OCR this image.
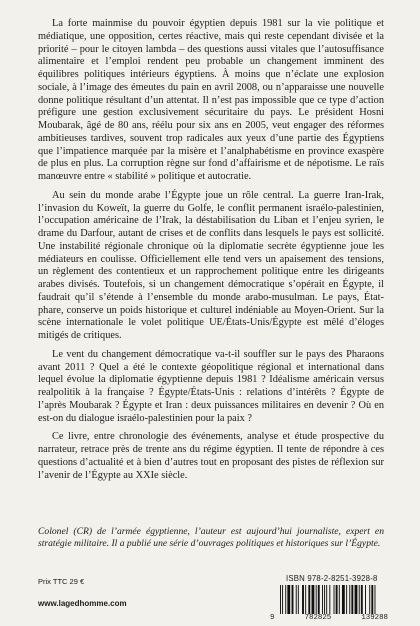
La forte mainmise du pouvoir égyptien depuis 1981 sur la vie politique et médiatique, une opposition, certes réactive, mais qui reste cependant divisée et la priorité – pour le citoyen lambda – des questions aussi vitales que l’autosuffisance alimentaire et l’emploi rendent peu probable un changement imminent des équilibres politiques intérieurs égyptiens. À moins que n’éclate une explosion sociale, à l’image des émeutes du pain en avril 2008, ou n’apparaisse une nouvelle donne politique résultant d’un attentat. Il n’est pas impossible que ce type d’action préfigure une gestion exclusivement sécuritaire du pays. Le président Hosni Moubarak, âgé de 80 ans, réélu pour six ans en 2005, veut engager des réformes ambitieuses tardives, souvent trop radicales aux yeux d’une partie des Égyptiens que l’impatience marquée par la misère et l’analphabétisme en province exaspère de plus en plus. La corruption règne sur fond d’affairisme et de népotisme. Le raïs manœuvre entre « stabilité » politique et autocratie.

Au sein du monde arabe l’Égypte joue un rôle central. La guerre Iran-Irak, l’invasion du Koweït, la guerre du Golfe, le conflit permanent israélo-palestinien, l’occupation américaine de l’Irak, la déstabilisation du Liban et l’enjeu syrien, le drame du Darfour, autant de crises et de conflits dans lesquels le pays est sollicité. Une instabilité régionale chronique où la diplomatie secrète égyptienne joue les médiateurs en coulisse. Officiellement elle tend vers un apaisement des tensions, un règlement des contentieux et un rapprochement politique entre les dirigeants arabes divisés. Toutefois, si un changement démocratique s’opérait en Égypte, il faudrait qu’il s’étende à l’ensemble du monde arabo-musulman. Le pays, État-phare, conserve un poids historique et culturel indéniable au Moyen-Orient. Sur la scène internationale le volet politique UE/États-Unis/Égypte est mêlé d’éloges mitigés de critiques.

Le vent du changement démocratique va-t-il souffler sur le pays des Pharaons avant 2011 ? Quel a été le contexte géopolitique régional et international dans lequel évolue la diplomatie égyptienne depuis 1981 ? Idéalisme américain versus realpolitik à la française ? Égypte/États-Unis : relations d’intérêts ? Égypte de l’après Moubarak ? Égypte et Iran : deux puissances militaires en devenir ? Où en est-on du dialogue israélo-palestinien pour la paix ?

Ce livre, entre chronologie des événements, analyse et étude prospective du narrateur, retrace près de trente ans du régime égyptien. Il tente de répondre à ces questions d’actualité et à bien d’autres tout en proposant des pistes de réflexion sur l’avenir de l’Égypte au XXIe siècle.

Colonel (CR) de l’armée égyptienne, l’auteur est aujourd’hui journaliste, expert en stratégie militaire. Il a publié une série d’ouvrages politiques et historiques sur l’Égypte.

Prix TTC 29 €
www.lagedhomme.com
ISBN 978-2-8251-3928-8
9	782825	139288
